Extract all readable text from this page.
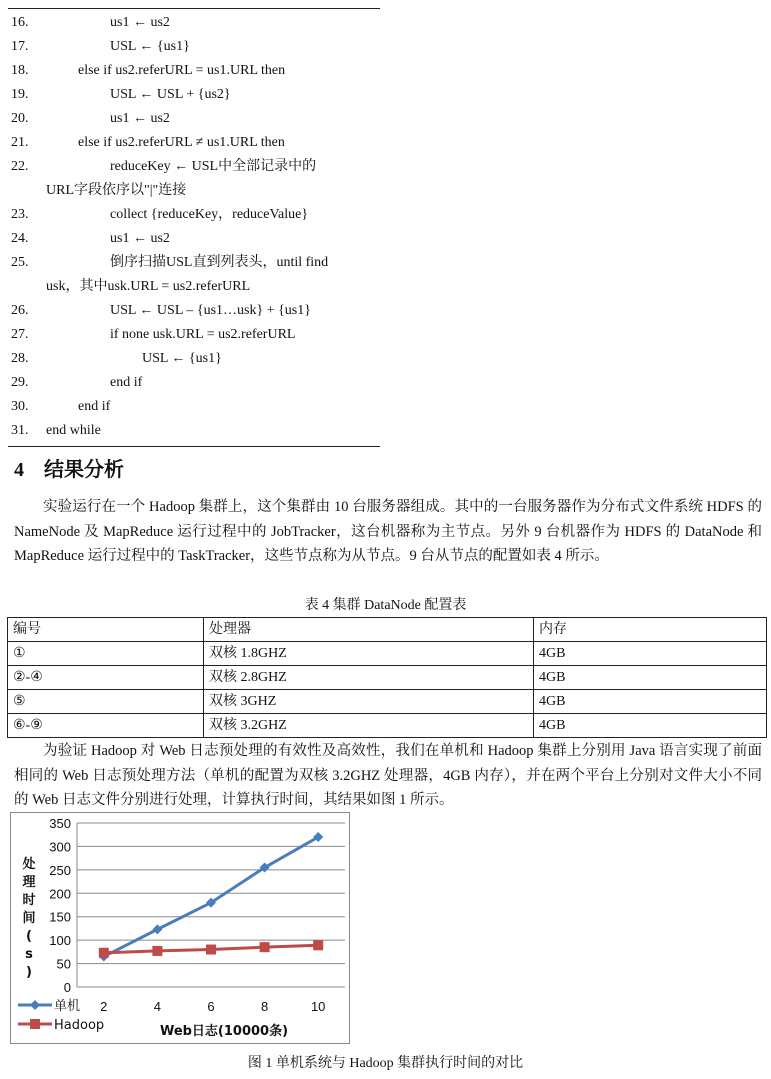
16.	us1 ← us2
17.	USL ← {us1}
18.	else if us2.referURL = us1.URL then
19.	USL ← USL + {us2}
20.	us1 ← us2
21.	else if us2.referURL ≠ us1.URL then
22.	reduceKey ← USL中全部记录中的
URL字段依序以"|"连接
23.	collect {reduceKey，reduceValue}
24.	us1 ← us2
25.	倒序扫描USL直到列表头，until find
usk，其中usk.URL = us2.referURL
26.	USL ← USL – {us1…usk} + {us1}
27.	if none usk.URL = us2.referURL
28.	USL ← {us1}
29.	end if
30.	end if
31. end while
4 结果分析

实验运行在一个 Hadoop 集群上，这个集群由 10 台服务器组成。其中的一台服务器作为分布式文件系统 HDFS 的 NameNode 及 MapReduce 运行过程中的 JobTracker，这台机器称为主节点。另外 9 台机器作为 HDFS 的 DataNode 和 MapReduce 运行过程中的 TaskTracker，这些节点称为从节点。9 台从节点的配置如表 4 所示。

表 4 集群 DataNode 配置表
编号	处理器	内存
①	双核 1.8GHZ	4GB
②-④	双核 2.8GHZ	4GB
⑤	双核 3GHZ	4GB
⑥-⑨	双核 3.2GHZ	4GB

为验证 Hadoop 对 Web 日志预处理的有效性及高效性，我们在单机和 Hadoop 集群上分别用 Java 语言实现了前面相同的 Web 日志预处理方法（单机的配置为双核 3.2GHZ 处理器，4GB 内存），并在两个平台上分别对文件大小不同的 Web 日志文件分别进行处理，计算执行时间，其结果如图 1 所示。

0
50
100
150
200
250
300
350
2	4	6	8	10
处
理
时
间
(
s
)
Web日志(10000条)
单机
Hadoop
图 1 单机系统与 Hadoop 集群执行时间的对比
